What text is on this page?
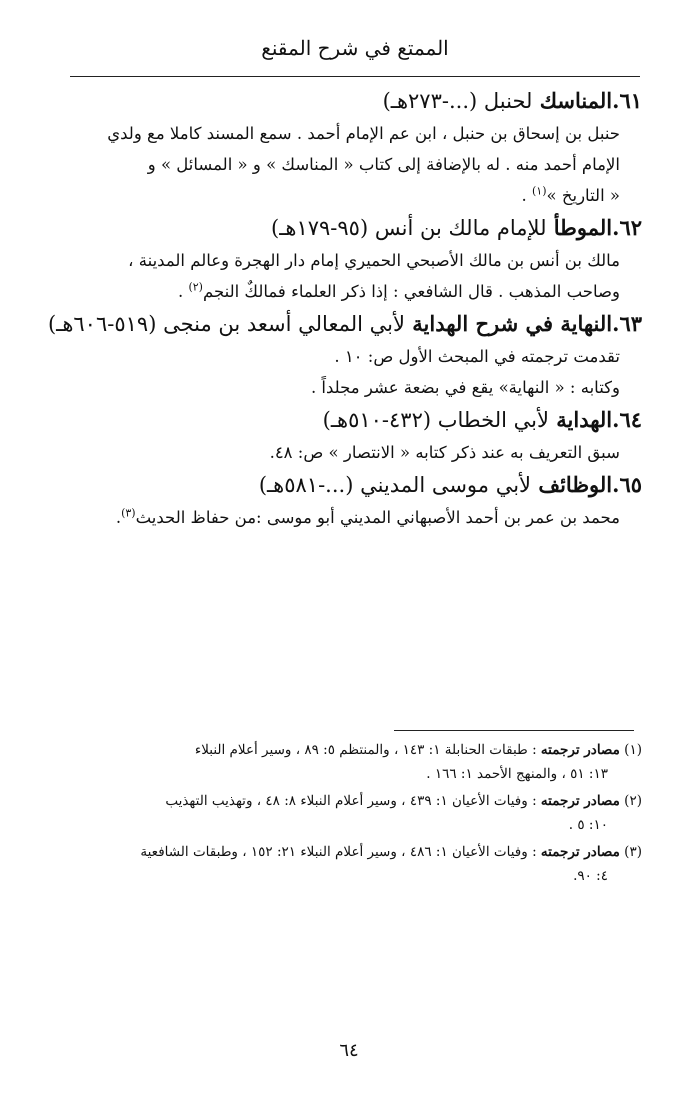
الممتع في شرح المقنع

٦١.المناسك لحنبل (...-٢٧٣هـ)

حنبل بن إسحاق بن حنبل ، ابن عم الإمام أحمد . سمع المسند كاملا مع ولدي

الإمام أحمد منه . له بالإضافة إلى كتاب « المناسك » و « المسائل » و

« التاريخ »$^{(١)}$ .

٦٢.الموطأ للإمام مالك بن أنس (٩٥-١٧٩هـ)

مالك بن أنس بن مالك الأصبحي الحميري إمام دار الهجرة وعالم المدينة ،

وصاحب المذهب . قال الشافعي : إذا ذكر العلماء فمالكٌ النجم$^{(٢)}$ .

٦٣.النهاية في شرح الهداية لأبي المعالي أسعد بن منجى (٥١٩-٦٠٦هـ)

تقدمت ترجمته في المبحث الأول ص: ١٠ .

وكتابه : « النهاية» يقع في بضعة عشر مجلداً .

٦٤.الهداية لأبي الخطاب (٤٣٢-٥١٠هـ)

سبق التعريف به عند ذكر كتابه « الانتصار » ص: ٤٨.

٦٥.الوظائف لأبي موسى المديني (...-٥٨١هـ)

محمد بن عمر بن أحمد الأصبهاني المديني أبو موسى :من حفاظ الحديث$^{(٣)}$.

(١) مصادر ترجمته : طبقات الحنابلة ١: ١٤٣ ، والمنتظم ٥: ٨٩ ، وسير أعلام النبلاء
١٣: ٥١ ، والمنهج الأحمد ١: ١٦٦ .

(٢) مصادر ترجمته : وفيات الأعيان ١: ٤٣٩ ، وسير أعلام النبلاء ٨: ٤٨ ، وتهذيب التهذيب
١٠: ٥ .

(٣) مصادر ترجمته : وفيات الأعيان ١: ٤٨٦ ، وسير أعلام النبلاء ٢١: ١٥٢ ، وطبقات الشافعية
٤: ٩٠.

٦٤
